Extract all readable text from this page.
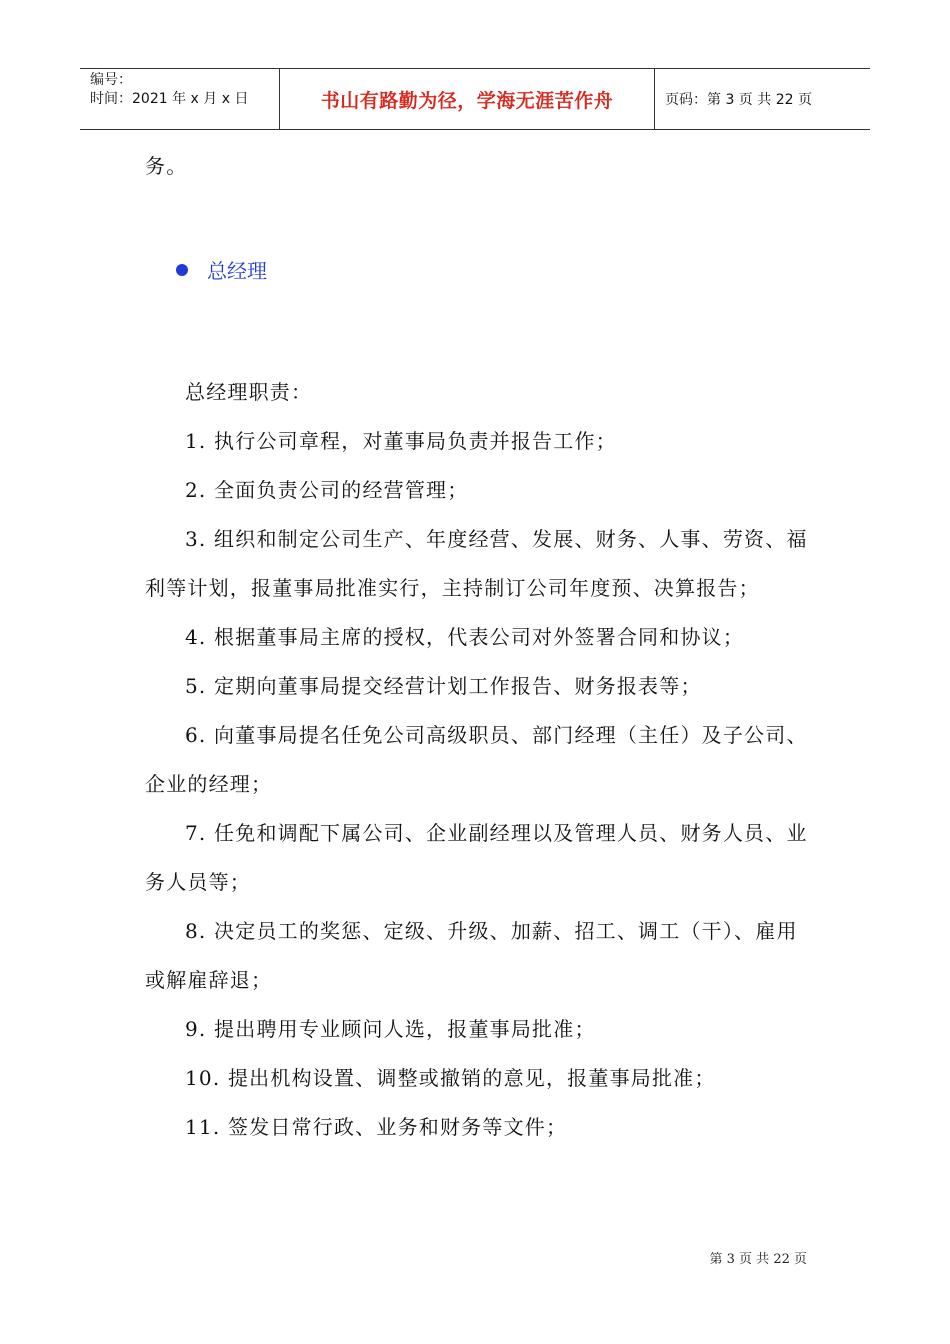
编号：
时间：2021 年 x 月 x 日	书山有路勤为径，学海无涯苦作舟	页码：第 3 页 共 22 页

务。

总经理

总经理职责：

1. 执行公司章程，对董事局负责并报告工作；

2. 全面负责公司的经营管理；

3. 组织和制定公司生产、年度经营、发展、财务、人事、劳资、福利等计划，报董事局批准实行，主持制订公司年度预、决算报告；

4. 根据董事局主席的授权，代表公司对外签署合同和协议；

5. 定期向董事局提交经营计划工作报告、财务报表等；

6. 向董事局提名任免公司高级职员、部门经理（主任）及子公司、企业的经理；

7. 任免和调配下属公司、企业副经理以及管理人员、财务人员、业务人员等；

8. 决定员工的奖惩、定级、升级、加薪、招工、调工（干）、雇用或解雇辞退；

9. 提出聘用专业顾问人选，报董事局批准；

10. 提出机构设置、调整或撤销的意见，报董事局批准；

11. 签发日常行政、业务和财务等文件；

第 3 页 共 22 页
